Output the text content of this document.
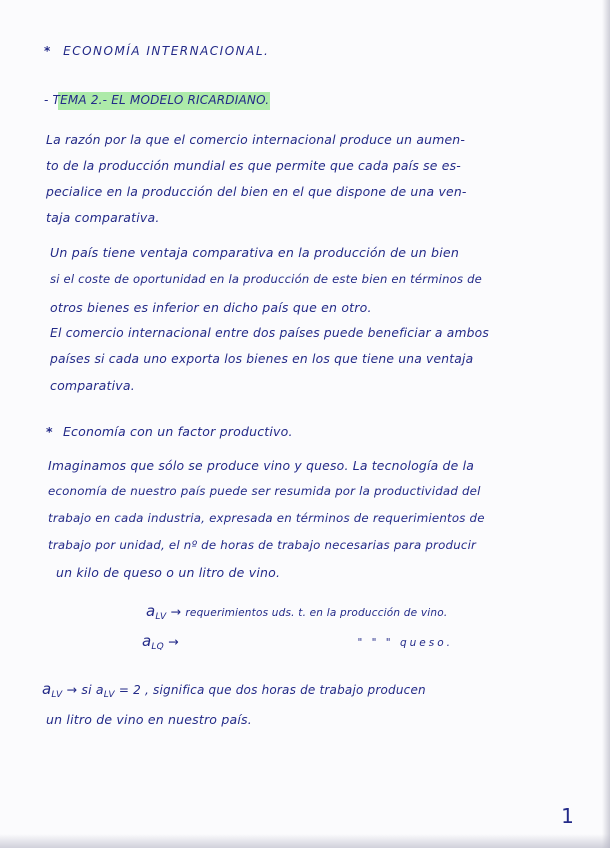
* ECONOMÍA INTERNACIONAL.
- TEMA 2.- EL MODELO RICARDIANO.
La razón por la que el comercio internacional produce un aumen-
to de la producción mundial es que permite que cada país se es-
pecialice en la producción del bien en el que dispone de una ven-
taja comparativa.
Un país tiene ventaja comparativa en la producción de un bien
si el coste de oportunidad en la producción de este bien en términos de
otros bienes es inferior en dicho país que en otro.
El comercio internacional entre dos países puede beneficiar a ambos
países si cada uno exporta los bienes en los que tiene una ventaja
comparativa.
* Economía con un factor productivo.
Imaginamos que sólo se produce vino y queso. La tecnología de la
economía de nuestro país puede ser resumida por la productividad del
trabajo en cada industria, expresada en términos de requerimientos de
trabajo por unidad, el nº de horas de trabajo necesarias para producir
un kilo de queso o un litro de vino.
$a_{LV}$ → requerimientos uds. t. en la producción de vino.
$a_{LQ}$ →	" " " queso.
$a_{LV}$ → si $a_{LV} = 2$ , significa que dos horas de trabajo producen
un litro de vino en nuestro país.
1
